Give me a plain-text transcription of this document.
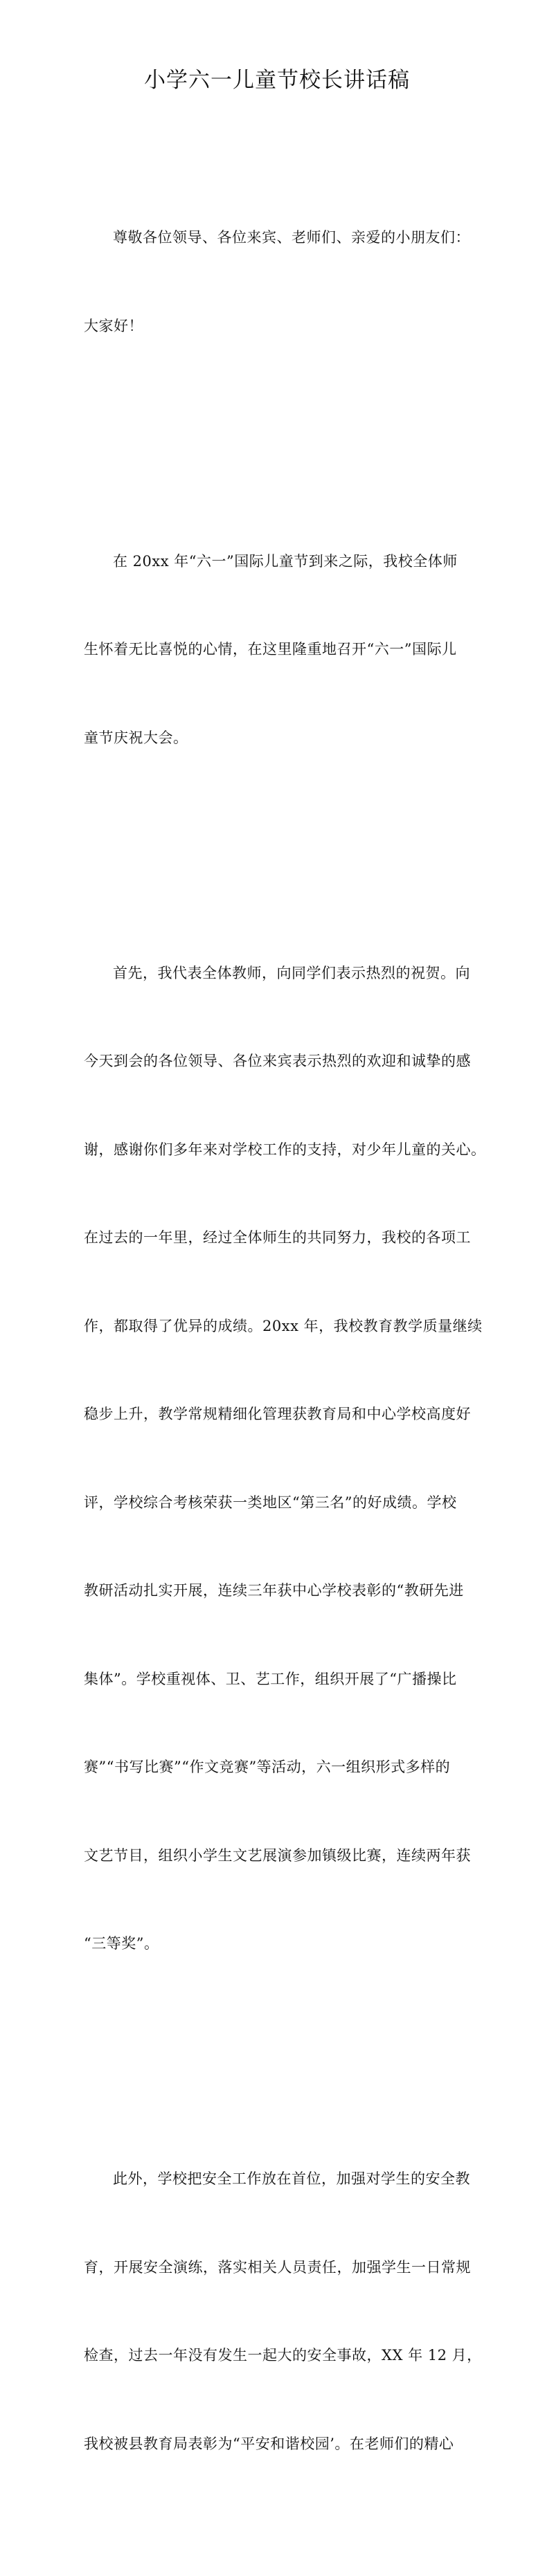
小学六一儿童节校长讲话稿

尊敬各位领导、各位来宾、老师们、亲爱的小朋友们：

大家好！

在 20xx 年“六一”国际儿童节到来之际，我校全体师

生怀着无比喜悦的心情，在这里隆重地召开“六一”国际儿

童节庆祝大会。

首先，我代表全体教师，向同学们表示热烈的祝贺。向

今天到会的各位领导、各位来宾表示热烈的欢迎和诚挚的感

谢，感谢你们多年来对学校工作的支持，对少年儿童的关心。

在过去的一年里，经过全体师生的共同努力，我校的各项工

作，都取得了优异的成绩。20xx 年，我校教育教学质量继续

稳步上升，教学常规精细化管理获教育局和中心学校高度好

评，学校综合考核荣获一类地区“第三名”的好成绩。学校

教研活动扎实开展，连续三年获中心学校表彰的“教研先进

集体”。学校重视体、卫、艺工作，组织开展了“广播操比

赛”“书写比赛”“作文竞赛”等活动，六一组织形式多样的

文艺节目，组织小学生文艺展演参加镇级比赛，连续两年获

“三等奖”。

此外，学校把安全工作放在首位，加强对学生的安全教

育，开展安全演练，落实相关人员责任，加强学生一日常规

检查，过去一年没有发生一起大的安全事故，XX 年 12 月，

我校被县教育局表彰为“平安和谐校园’。在老师们的精心
